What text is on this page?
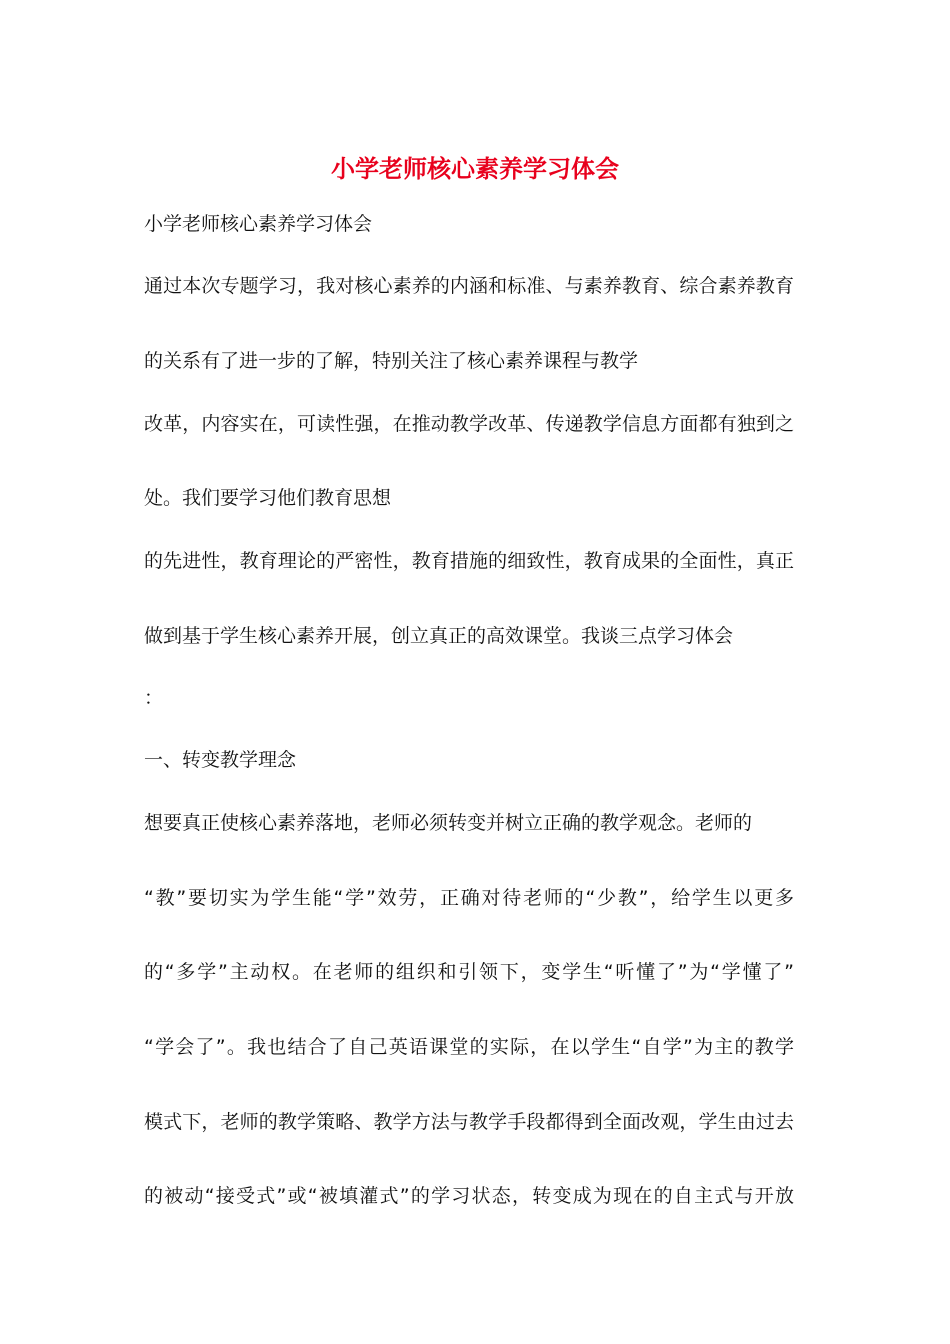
小学老师核心素养学习体会

小学老师核心素养学习体会

通过本次专题学习，我对核心素养的内涵和标准、与素养教育、综合素养教育

的关系有了进一步的了解，特别关注了核心素养课程与教学

改革，内容实在，可读性强，在推动教学改革、传递教学信息方面都有独到之

处。我们要学习他们教育思想

的先进性，教育理论的严密性，教育措施的细致性，教育成果的全面性，真正

做到基于学生核心素养开展，创立真正的高效课堂。我谈三点学习体会

：

一、转变教学理念

想要真正使核心素养落地，老师必须转变并树立正确的教学观念。老师的

“教”要切实为学生能“学”效劳，正确对待老师的“少教”，给学生以更多

的“多学”主动权。在老师的组织和引领下，变学生“听懂了”为“学懂了”

“学会了”。我也结合了自己英语课堂的实际，在以学生“自学”为主的教学

模式下，老师的教学策略、教学方法与教学手段都得到全面改观，学生由过去

的被动“接受式”或“被填灌式”的学习状态，转变成为现在的自主式与开放
